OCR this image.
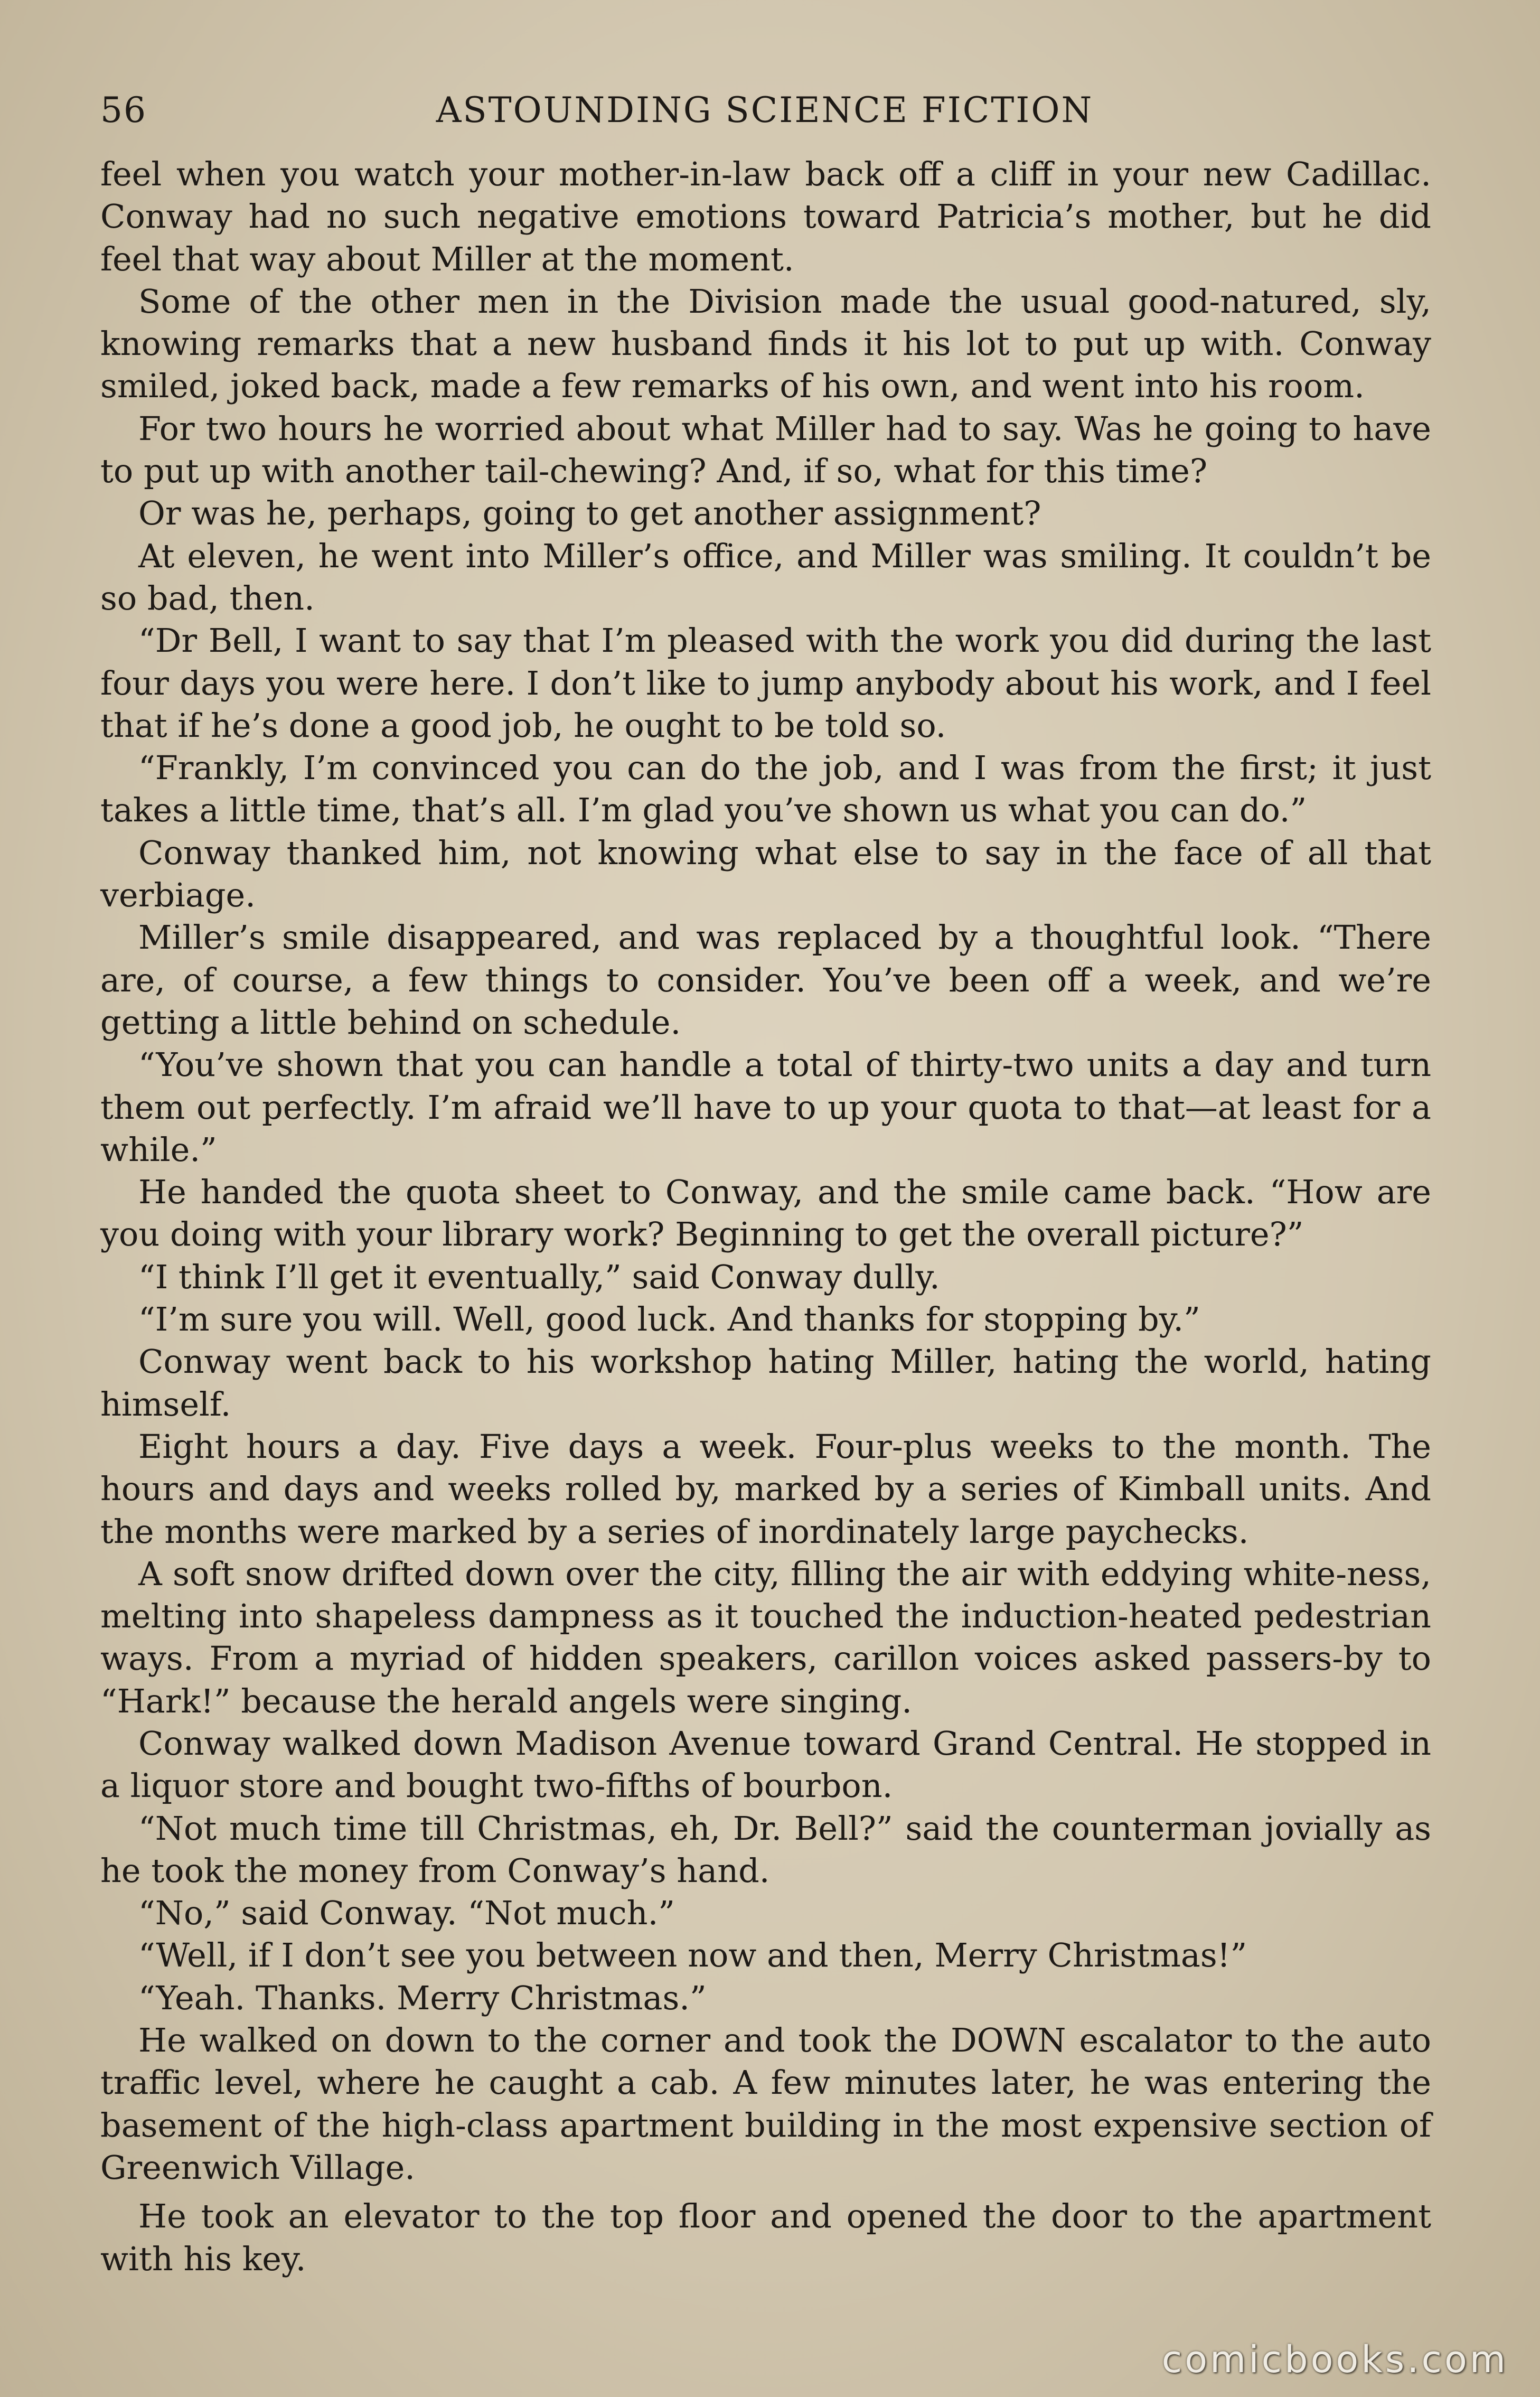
56	ASTOUNDING SCIENCE FICTION

feel when you watch your mother-in-law back off a cliff in your new Cadillac. Conway had no such negative emotions toward Patricia’s mother, but he did feel that way about Miller at the moment.

Some of the other men in the Division made the usual good-natured, sly, knowing remarks that a new husband finds it his lot to put up with. Conway smiled, joked back, made a few remarks of his own, and went into his room.

For two hours he worried about what Miller had to say. Was he going to have to put up with another tail-chewing? And, if so, what for this time?

Or was he, perhaps, going to get another assignment?

At eleven, he went into Miller’s office, and Miller was smiling. It couldn’t be so bad, then.

“Dr Bell, I want to say that I’m pleased with the work you did during the last four days you were here. I don’t like to jump anybody about his work, and I feel that if he’s done a good job, he ought to be told so.

“Frankly, I’m convinced you can do the job, and I was from the first; it just takes a little time, that’s all. I’m glad you’ve shown us what you can do.”

Conway thanked him, not knowing what else to say in the face of all that verbiage.

Miller’s smile disappeared, and was replaced by a thoughtful look. “There are, of course, a few things to consider. You’ve been off a week, and we’re getting a little behind on schedule.

“You’ve shown that you can handle a total of thirty-two units a day and turn them out perfectly. I’m afraid we’ll have to up your quota to that—at least for a while.”

He handed the quota sheet to Conway, and the smile came back. “How are you doing with your library work? Beginning to get the overall picture?”

“I think I’ll get it eventually,” said Conway dully.

“I’m sure you will. Well, good luck. And thanks for stopping by.”

Conway went back to his workshop hating Miller, hating the world, hating himself.

Eight hours a day. Five days a week. Four-plus weeks to the month. The hours and days and weeks rolled by, marked by a series of Kimball units. And the months were marked by a series of inordinately large paychecks.

A soft snow drifted down over the city, filling the air with eddying white-ness, melting into shapeless dampness as it touched the induction-heated pedestrian ways. From a myriad of hidden speakers, carillon voices asked passers-by to “Hark!” because the herald angels were singing.

Conway walked down Madison Avenue toward Grand Central. He stopped in a liquor store and bought two-fifths of bourbon.

“Not much time till Christmas, eh, Dr. Bell?” said the counterman jovially as he took the money from Conway’s hand.

“No,” said Conway. “Not much.”

“Well, if I don’t see you between now and then, Merry Christmas!”

“Yeah. Thanks. Merry Christmas.”

He walked on down to the corner and took the DOWN escalator to the auto traffic level, where he caught a cab. A few minutes later, he was entering the basement of the high-class apartment building in the most expensive section of Greenwich Village.

He took an elevator to the top floor and opened the door to the apartment with his key.

comicbooks.com
